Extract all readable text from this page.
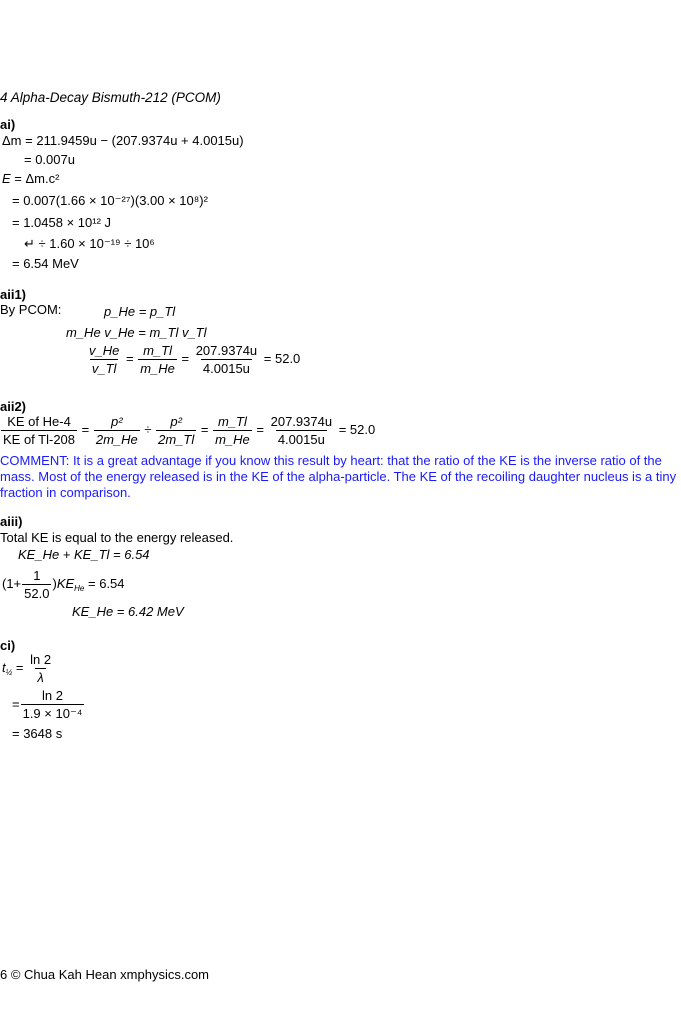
4 Alpha-Decay Bismuth-212 (PCOM)
ai)
Δm = 211.9459u − (207.9374u + 4.0015u)
= 0.007u
E = Δm.c²
= 0.007(1.66 × 10⁻²⁷)(3.00 × 10⁸)²
= 1.0458 × 10¹² J
↵ ÷ 1.60 × 10⁻¹⁹ ÷ 10⁶
= 6.54 MeV
aii1)
By PCOM:	p_He = p_Tl
m_He v_He = m_Tl v_Tl
$\frac{v\_He}{v\_Tl} = \frac{m\_Tl}{m\_He} = \frac{207.9374u}{4.0015u} = 52.0$
aii2)
$\frac{\text{KE of He-4}}{\text{KE of Tl-208}} = \frac{\text{p²}}{2m\_He} \div \frac{\text{p²}}{2m\_Tl} = \frac{m\_Tl}{m\_He} = \frac{207.9374u}{4.0015u} = 52.0$
COMMENT: It is a great advantage if you know this result by heart: that the ratio of the KE is the inverse ratio of the mass. Most of the energy released is in the KE of the alpha-particle. The KE of the recoiling daughter nucleus is a tiny fraction in comparison.
aiii)
Total KE is equal to the energy released.
KE_He + KE_Tl = 6.54
$(1+ \frac{1}{52.0} )KE_{He} = 6.54$
KE_He = 6.42 MeV
ci)
$t_{\frac{1}{2}} = \frac{\ln 2}{\lambda}$
= $\frac{\ln 2}{\text{1.9 × 10⁻⁴}}$
= 3648 s
6 © Chua Kah Hean xmphysics.com
